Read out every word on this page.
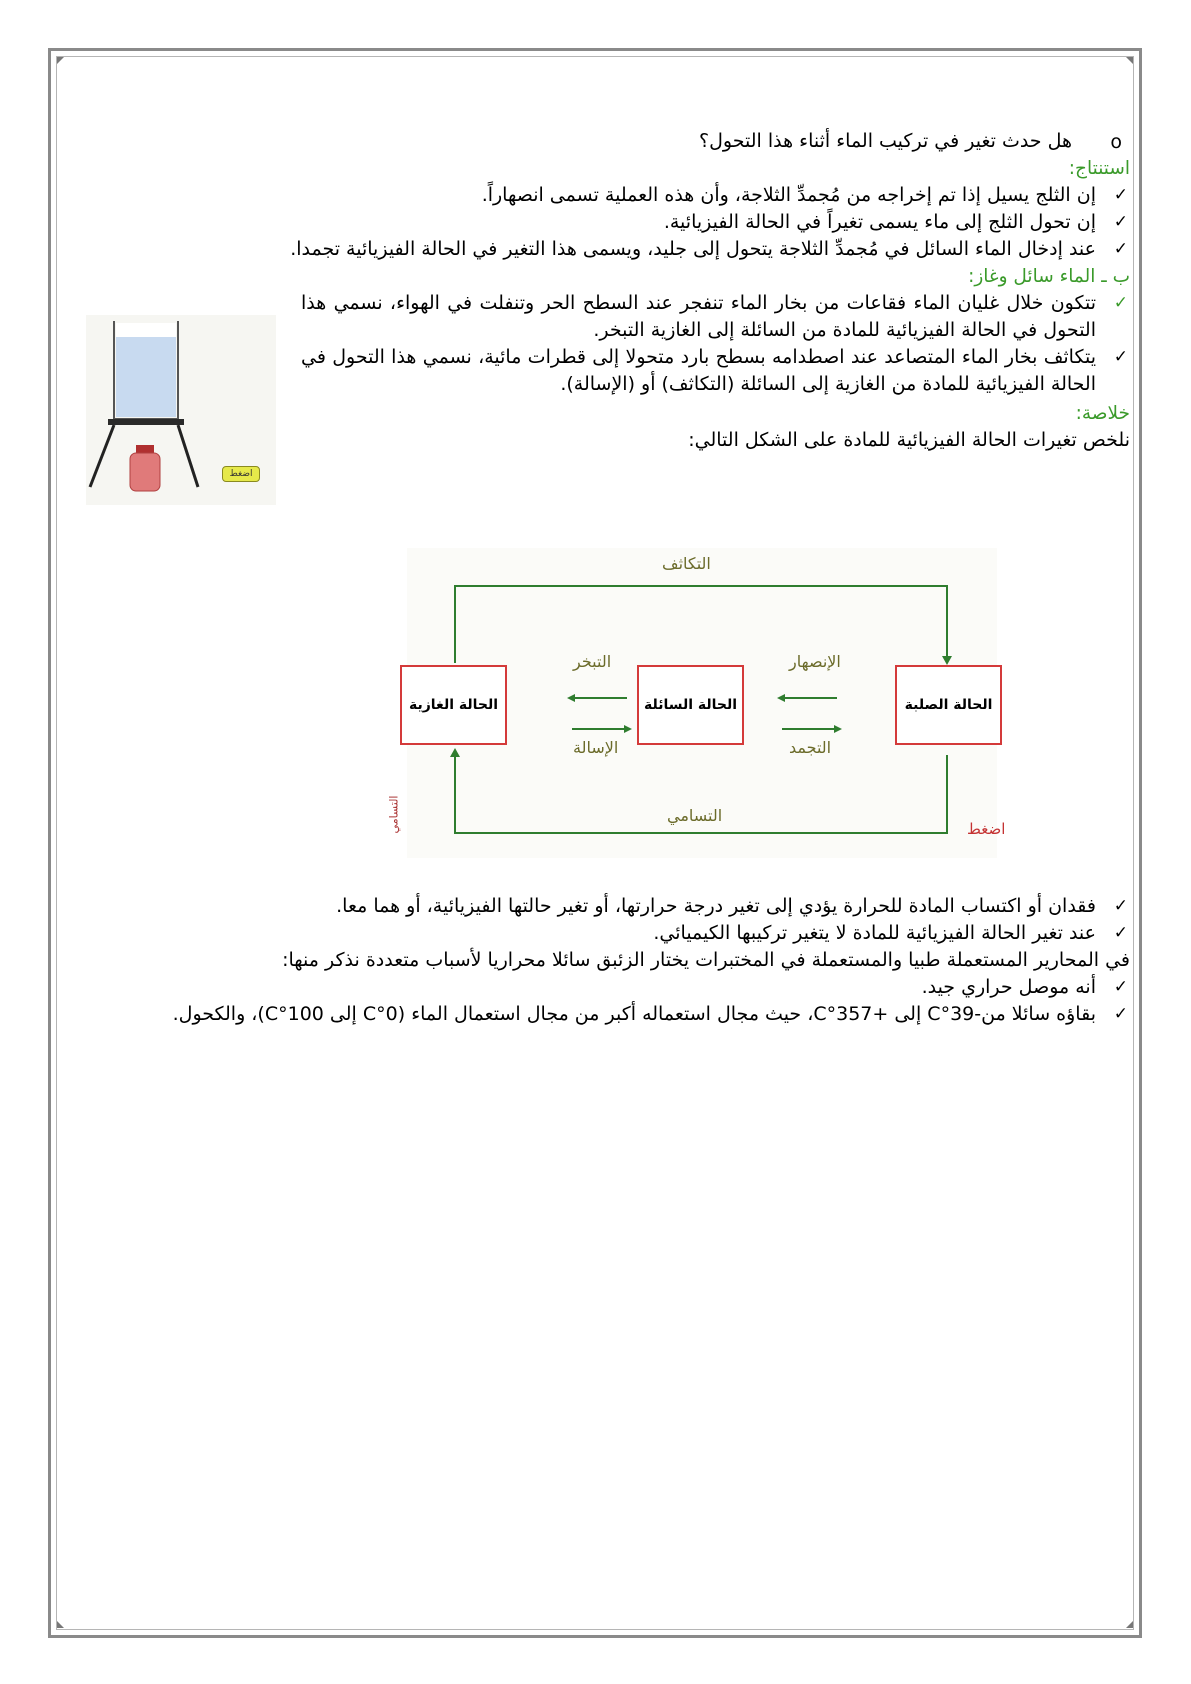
o
هل حدث تغير في تركيب الماء أثناء هذا التحول؟

استنتاج:

✓
إن الثلج يسيل إذا تم إخراجه من مُجمدِّ الثلاجة، وأن هذه العملية تسمى انصهاراً.

✓
إن تحول الثلج إلى ماء يسمى تغيراً في الحالة الفيزيائية.

✓
عند إدخال الماء السائل في مُجمدِّ الثلاجة يتحول إلى جليد، ويسمى هذا التغير في الحالة الفيزيائية تجمدا.

ب ـ الماء سائل وغاز:

✓
تتكون خلال غليان الماء فقاعات من بخار الماء تنفجر عند السطح الحر وتنفلت في الهواء، نسمي هذا التحول في الحالة الفيزيائية للمادة من السائلة إلى الغازية التبخر.

✓
يتكاثف بخار الماء المتصاعد عند اصطدامه بسطح بارد متحولا إلى قطرات مائية، نسمي هذا التحول في الحالة الفيزيائية للمادة من الغازية إلى السائلة (التكاثف) أو (الإسالة).

خلاصة:

نلخص تغيرات الحالة الفيزيائية للمادة على الشكل التالي:

اضغط
التكاثف
التبخر	الإنصهار
الإسالة	التجمد
التسامي
الحالة الغازية	الحالة السائلة	الحالة الصلبة
اضغط
التسامي

✓
فقدان أو اكتساب المادة للحرارة يؤدي إلى تغير درجة حرارتها، أو تغير حالتها الفيزيائية، أو هما معا.

✓
عند تغير الحالة الفيزيائية للمادة لا يتغير تركيبها الكيميائي.

في المحارير المستعملة طبيا والمستعملة في المختبرات يختار الزئبق سائلا محراريا لأسباب متعددة نذكر منها:

✓
أنه موصل حراري جيد.

✓
بقاؤه سائلا من-39°C إلى +357°C، حيث مجال استعماله أكبر من مجال استعمال الماء (0°C إلى 100°C)، والكحول.
